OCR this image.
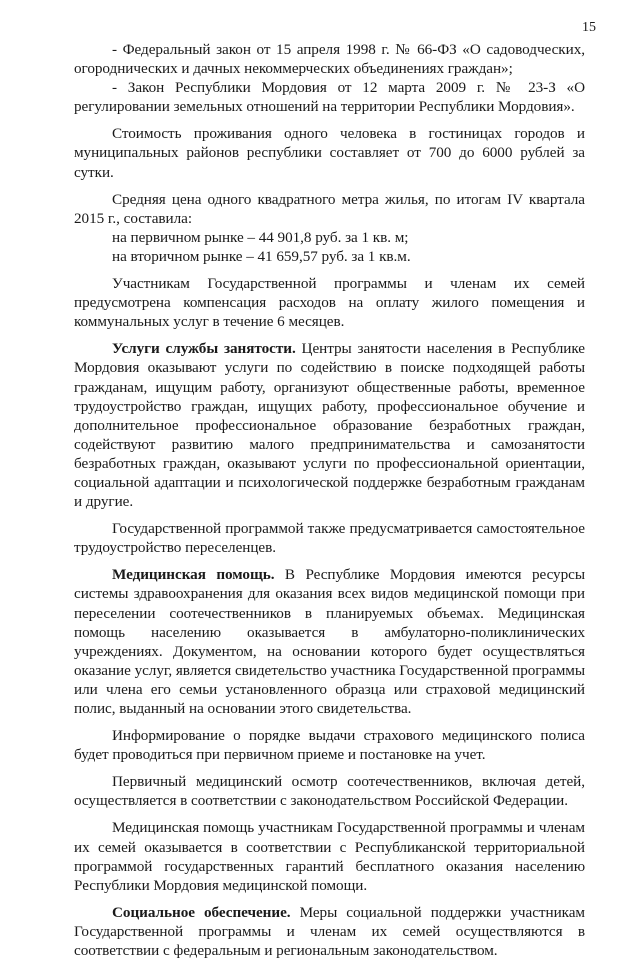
15

- Федеральный закон от 15 апреля 1998 г. № 66-ФЗ «О садоводческих, огороднических и дачных некоммерческих объединениях граждан»;

- Закон Республики Мордовия от 12 марта 2009 г. № 23-З «О регулировании земельных отношений на территории Республики Мордовия».

Стоимость проживания одного человека в гостиницах городов и муниципальных районов республики составляет от 700 до 6000 рублей за сутки.

Средняя цена одного квадратного метра жилья, по итогам IV квартала 2015 г., составила:

на первичном рынке – 44 901,8 руб. за 1 кв. м;

на вторичном рынке – 41 659,57 руб. за 1 кв.м.

Участникам Государственной программы и членам их семей предусмотрена компенсация расходов на оплату жилого помещения и коммунальных услуг в течение 6 месяцев.

Услуги службы занятости. Центры занятости населения в Республике Мордовия оказывают услуги по содействию в поиске подходящей работы гражданам, ищущим работу, организуют общественные работы, временное трудоустройство граждан, ищущих работу, профессиональное обучение и дополнительное профессиональное образование безработных граждан, содействуют развитию малого предпринимательства и самозанятости безработных граждан, оказывают услуги по профессиональной ориентации, социальной адаптации и психологической поддержке безработным гражданам и другие.

Государственной программой также предусматривается самостоятельное трудоустройство переселенцев.

Медицинская помощь. В Республике Мордовия имеются ресурсы системы здравоохранения для оказания всех видов медицинской помощи при переселении соотечественников в планируемых объемах. Медицинская помощь населению оказывается в амбулаторно-поликлинических учреждениях. Документом, на основании которого будет осуществляться оказание услуг, является свидетельство участника Государственной программы или члена его семьи установленного образца или страховой медицинский полис, выданный на основании этого свидетельства.

Информирование о порядке выдачи страхового медицинского полиса будет проводиться при первичном приеме и постановке на учет.

Первичный медицинский осмотр соотечественников, включая детей, осуществляется в соответствии с законодательством Российской Федерации.

Медицинская помощь участникам Государственной программы и членам их семей оказывается в соответствии с Республиканской территориальной программой государственных гарантий бесплатного оказания населению Республики Мордовия медицинской помощи.

Социальное обеспечение. Меры социальной поддержки участникам Государственной программы и членам их семей осуществляются в соответствии с федеральным и региональным законодательством.
